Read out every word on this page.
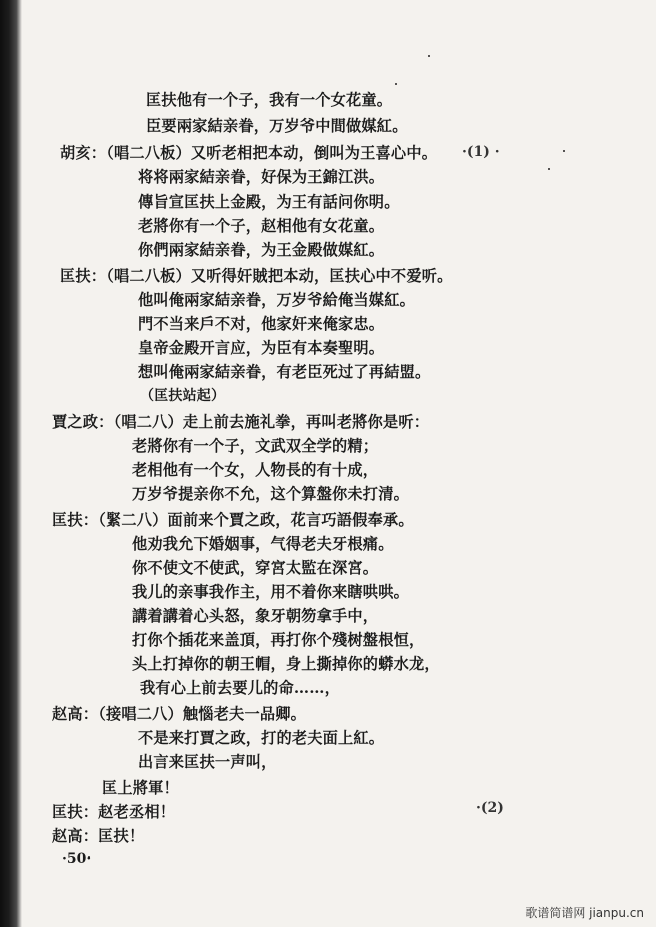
匡扶他有一个子，我有一个女花童。
臣要兩家結亲眷，万岁爷中間做媒紅。
胡亥：（唱二八板）又听老相把本动，倒叫为王喜心中。
将将兩家結亲眷，好保为王錦江洪。
傳旨宣匡扶上金殿，为王有話问你明。
老將你有一个子，赵相他有女花童。
你們兩家結亲眷，为王金殿做媒紅。
匡扶：（唱二八板）又听得奸賊把本动，匡扶心中不爱听。
他叫俺兩家結亲眷，万岁爷給俺当媒紅。
門不当来戶不对，他家奸来俺家忠。
皇帝金殿开言应，为臣有本奏聖明。
想叫俺兩家結亲眷，有老臣死过了再結盟。
（匡扶站起）
賈之政：（唱二八）走上前去施礼拳，再叫老將你是听：
老將你有一个子，文武双全学的精；
老相他有一个女，人物長的有十成，
万岁爷提亲你不允，这个算盤你未打清。
匡扶：（緊二八）面前来个賈之政，花言巧語假奉承。
他劝我允下婚姻事，气得老夫牙根痛。
你不使文不使武，穿宮太監在深宮。
我儿的亲事我作主，用不着你来瞎哄哄。
講着講着心头怒，象牙朝笏拿手中，
打你个插花来盖頂，再打你个殘树盤根恒，
头上打掉你的朝王帽，身上撕掉你的蟒水龙，
我有心上前去要儿的命……，
赵高：（接唱二八）触惱老夫一品卿。
不是来打賈之政，打的老夫面上紅。
出言来匡扶一声叫，
匡上將軍！
匡扶：赵老丞相！
赵高：匡扶！
·(1) ·
·(2)
·50·
歌谱简谱网 jianpu.cn
